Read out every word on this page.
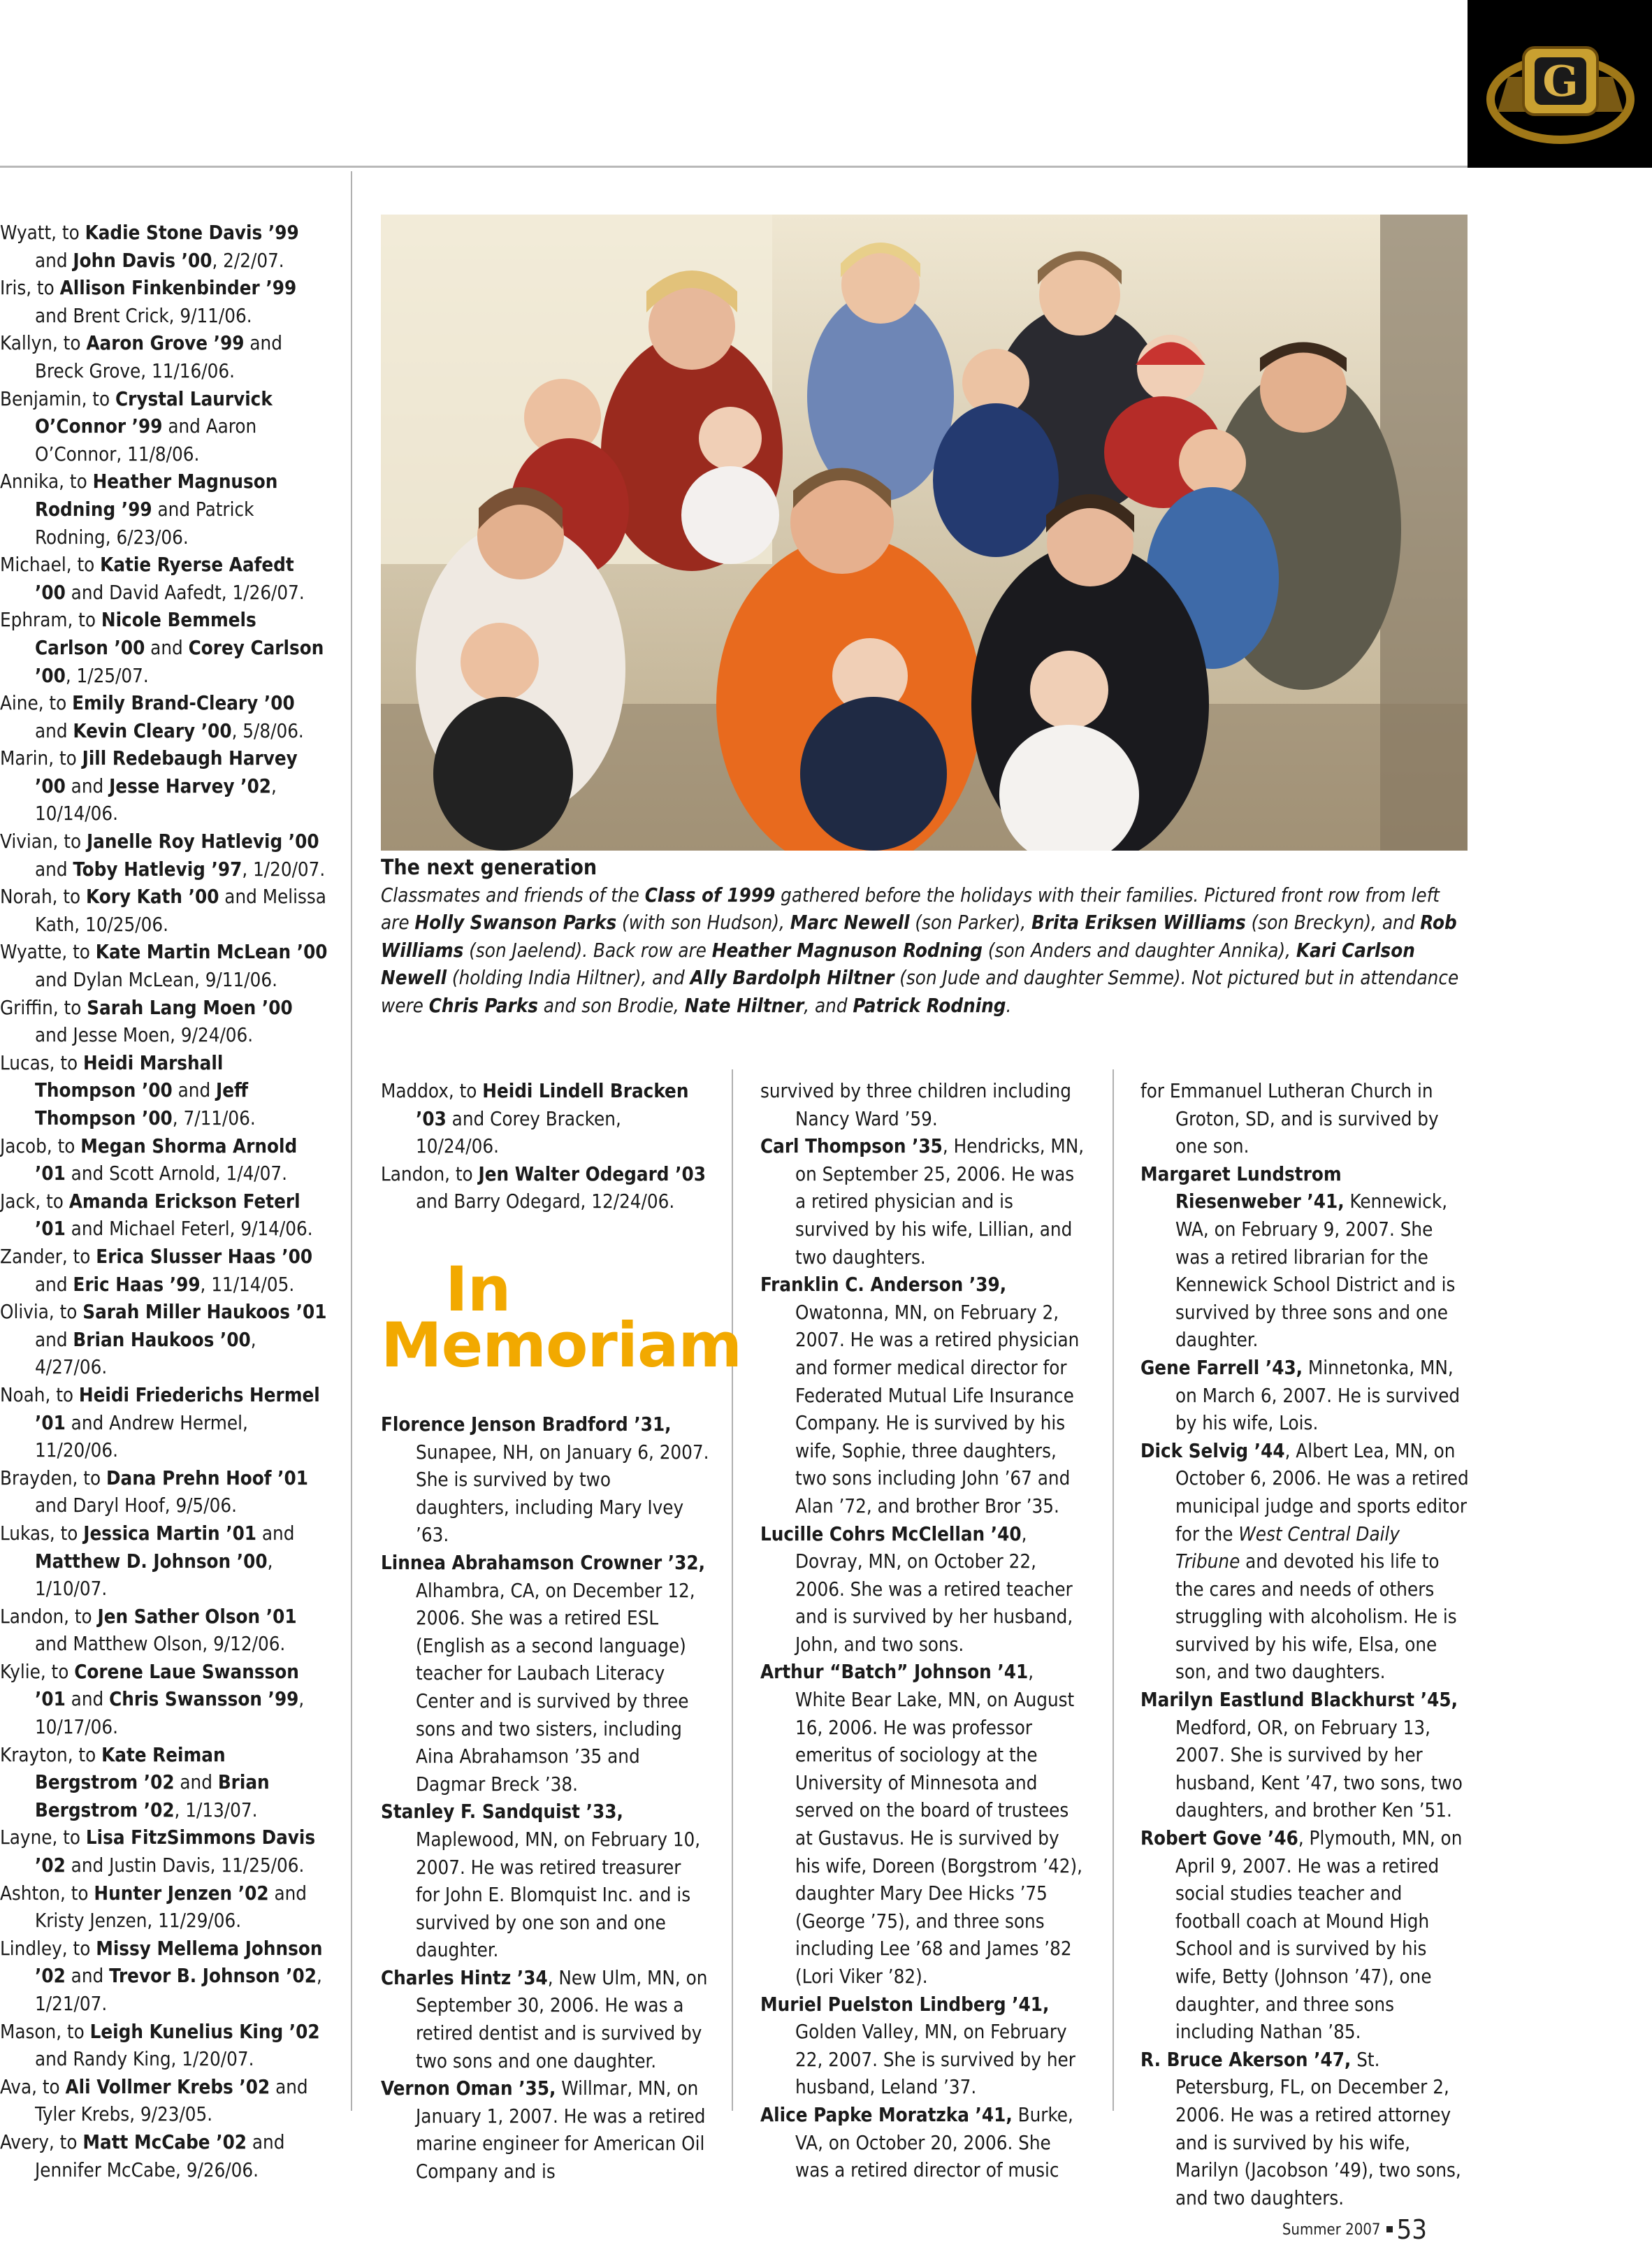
G
Wyatt, to Kadie Stone Davis ’99 and John Davis ’00, 2/2/07.
Iris, to Allison Finkenbinder ’99 and Brent Crick, 9/11/06.
Kallyn, to Aaron Grove ’99 and Breck Grove, 11/16/06.
Benjamin, to Crystal Laurvick O’Connor ’99 and Aaron O’Connor, 11/8/06.
Annika, to Heather Magnuson Rodning ’99 and Patrick Rodning, 6/23/06.
Michael, to Katie Ryerse Aafedt ’00 and David Aafedt, 1/26/07.
Ephram, to Nicole Bemmels Carlson ’00 and Corey Carlson ’00, 1/25/07.
Aine, to Emily Brand-Cleary ’00 and Kevin Cleary ’00, 5/8/06.
Marin, to Jill Redebaugh Harvey ’00 and Jesse Harvey ’02, 10/14/06.
Vivian, to Janelle Roy Hatlevig ’00 and Toby Hatlevig ’97, 1/20/07.
Norah, to Kory Kath ’00 and Melissa Kath, 10/25/06.
Wyatte, to Kate Martin McLean ’00 and Dylan McLean, 9/11/06.
Griffin, to Sarah Lang Moen ’00 and Jesse Moen, 9/24/06.
Lucas, to Heidi Marshall Thompson ’00 and Jeff Thompson ’00, 7/11/06.
Jacob, to Megan Shorma Arnold ’01 and Scott Arnold, 1/4/07.
Jack, to Amanda Erickson Feterl ’01 and Michael Feterl, 9/14/06.
Zander, to Erica Slusser Haas ’00 and Eric Haas ’99, 11/14/05.
Olivia, to Sarah Miller Haukoos ’01 and Brian Haukoos ’00, 4/27/06.
Noah, to Heidi Friederichs Hermel ’01 and Andrew Hermel, 11/20/06.
Brayden, to Dana Prehn Hoof ’01 and Daryl Hoof, 9/5/06.
Lukas, to Jessica Martin ’01 and Matthew D. Johnson ’00, 1/10/07.
Landon, to Jen Sather Olson ’01 and Matthew Olson, 9/12/06.
Kylie, to Corene Laue Swansson ’01 and Chris Swansson ’99, 10/17/06.
Krayton, to Kate Reiman Bergstrom ’02 and Brian Bergstrom ’02, 1/13/07.
Layne, to Lisa FitzSimmons Davis ’02 and Justin Davis, 11/25/06.
Ashton, to Hunter Jenzen ’02 and Kristy Jenzen, 11/29/06.
Lindley, to Missy Mellema Johnson ’02 and Trevor B. Johnson ’02, 1/21/07.
Mason, to Leigh Kunelius King ’02 and Randy King, 1/20/07.
Ava, to Ali Vollmer Krebs ’02 and Tyler Krebs, 9/23/05.
Avery, to Matt McCabe ’02 and Jennifer McCabe, 9/26/06.
The next generation
Classmates and friends of the Class of 1999 gathered before the holidays with their families. Pictured front row from left are Holly Swanson Parks (with son Hudson), Marc Newell (son Parker), Brita Eriksen Williams (son Breckyn), and Rob Williams (son Jaelend). Back row are Heather Magnuson Rodning (son Anders and daughter Annika), Kari Carlson Newell (holding India Hiltner), and Ally Bardolph Hiltner (son Jude and daughter Semme). Not pictured but in attendance were Chris Parks and son Brodie, Nate Hiltner, and Patrick Rodning.
Maddox, to Heidi Lindell Bracken ’03 and Corey Bracken, 10/24/06.
Landon, to Jen Walter Odegard ’03 and Barry Odegard, 12/24/06.
In
Memoriam
Florence Jenson Bradford ’31, Sunapee, NH, on January 6, 2007. She is survived by two daughters, including Mary Ivey ’63.
Linnea Abrahamson Crowner ’32, Alhambra, CA, on December 12, 2006. She was a retired ESL (English as a second language) teacher for Laubach Literacy Center and is survived by three sons and two sisters, including Aina Abrahamson ’35 and Dagmar Breck ’38.
Stanley F. Sandquist ’33, Maplewood, MN, on February 10, 2007. He was retired treasurer for John E. Blomquist Inc. and is survived by one son and one daughter.
Charles Hintz ’34, New Ulm, MN, on September 30, 2006. He was a retired dentist and is survived by two sons and one daughter.
Vernon Oman ’35, Willmar, MN, on January 1, 2007. He was a retired marine engineer for American Oil Company and is
survived by three children including Nancy Ward ’59.
Carl Thompson ’35, Hendricks, MN, on September 25, 2006. He was a retired physician and is survived by his wife, Lillian, and two daughters.
Franklin C. Anderson ’39, Owatonna, MN, on February 2, 2007. He was a retired physician and former medical director for Federated Mutual Life Insurance Company. He is survived by his wife, Sophie, three daughters, two sons including John ’67 and Alan ’72, and brother Bror ’35.
Lucille Cohrs McClellan ’40, Dovray, MN, on October 22, 2006. She was a retired teacher and is survived by her husband, John, and two sons.
Arthur “Batch” Johnson ’41, White Bear Lake, MN, on August 16, 2006. He was professor emeritus of sociology at the University of Minnesota and served on the board of trustees at Gustavus. He is survived by his wife, Doreen (Borgstrom ’42), daughter Mary Dee Hicks ’75 (George ’75), and three sons including Lee ’68 and James ’82 (Lori Viker ’82).
Muriel Puelston Lindberg ’41, Golden Valley, MN, on February 22, 2007. She is survived by her husband, Leland ’37.
Alice Papke Moratzka ’41, Burke, VA, on October 20, 2006. She was a retired director of music
for Emmanuel Lutheran Church in Groton, SD, and is survived by one son.
Margaret Lundstrom Riesenweber ’41, Kennewick, WA, on February 9, 2007. She was a retired librarian for the Kennewick School District and is survived by three sons and one daughter.
Gene Farrell ’43, Minnetonka, MN, on March 6, 2007. He is survived by his wife, Lois.
Dick Selvig ’44, Albert Lea, MN, on October 6, 2006. He was a retired municipal judge and sports editor for the West Central Daily Tribune and devoted his life to the cares and needs of others struggling with alcoholism. He is survived by his wife, Elsa, one son, and two daughters.
Marilyn Eastlund Blackhurst ’45, Medford, OR, on February 13, 2007. She is survived by her husband, Kent ’47, two sons, two daughters, and brother Ken ’51.
Robert Gove ’46, Plymouth, MN, on April 9, 2007. He was a retired social studies teacher and football coach at Mound High School and is survived by his wife, Betty (Johnson ’47), one daughter, and three sons including Nathan ’85.
R. Bruce Akerson ’47, St. Petersburg, FL, on December 2, 2006. He was a retired attorney and is survived by his wife, Marilyn (Jacobson ’49), two sons, and two daughters.
Summer 2007 53
